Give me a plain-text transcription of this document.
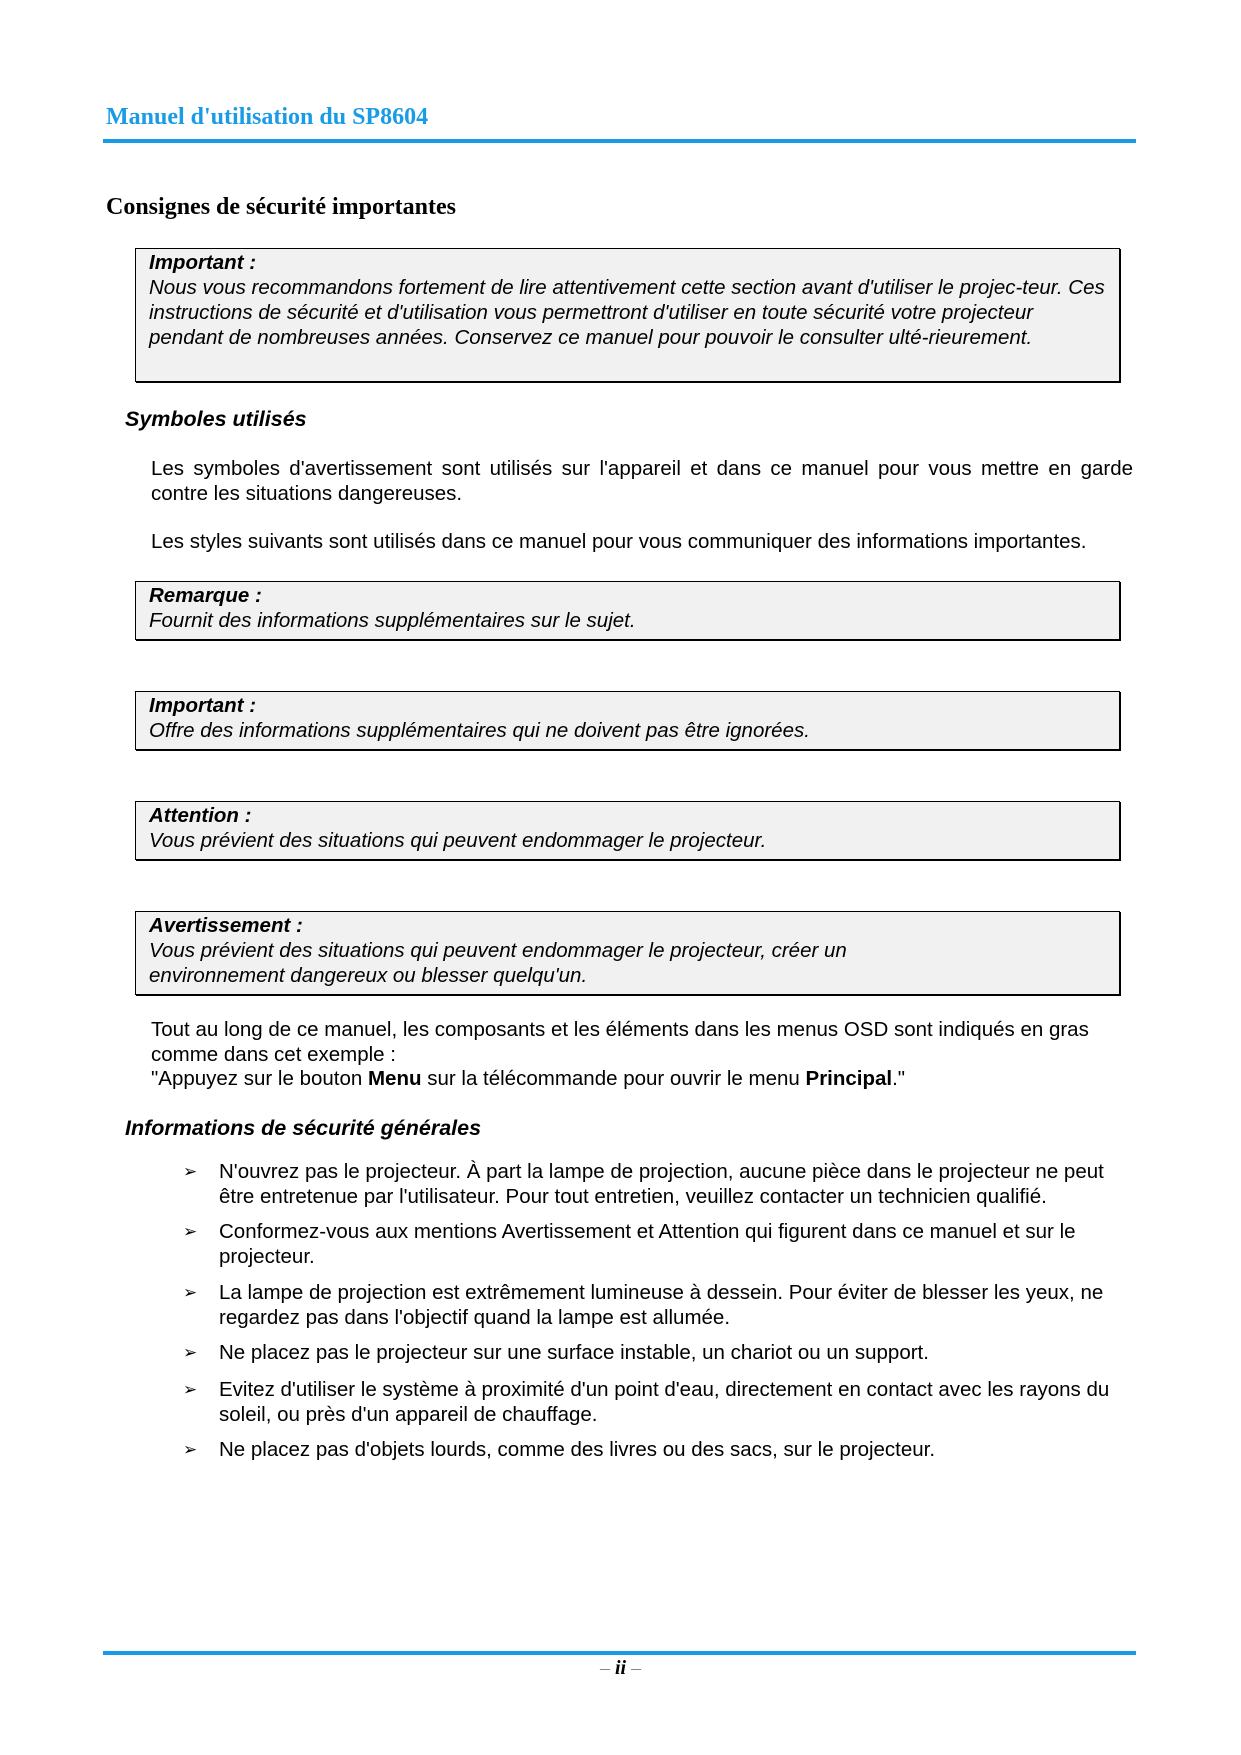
Manuel d'utilisation du SP8604
Consignes de sécurité importantes
Important :
Nous vous recommandons fortement de lire attentivement cette section avant d'utiliser le projec-teur. Ces instructions de sécurité et d'utilisation vous permettront d'utiliser en toute sécurité votre projecteur pendant de nombreuses années. Conservez ce manuel pour pouvoir le consulter ulté-rieurement.
Symboles utilisés
Les symboles d'avertissement sont utilisés sur l'appareil et dans ce manuel pour vous mettre en garde contre les situations dangereuses.
Les styles suivants sont utilisés dans ce manuel pour vous communiquer des informations importantes.
Remarque :
Fournit des informations supplémentaires sur le sujet.
Important :
Offre des informations supplémentaires qui ne doivent pas être ignorées.
Attention :
Vous prévient des situations qui peuvent endommager le projecteur.
Avertissement :
Vous prévient des situations qui peuvent endommager le projecteur, créer un environnement dangereux ou blesser quelqu'un.
Tout au long de ce manuel, les composants et les éléments dans les menus OSD sont indiqués en gras comme dans cet exemple :
"Appuyez sur le bouton Menu sur la télécommande pour ouvrir le menu Principal."
Informations de sécurité générales
➢	N'ouvrez pas le projecteur. À part la lampe de projection, aucune pièce dans le projecteur ne peut être entretenue par l'utilisateur. Pour tout entretien, veuillez contacter un technicien qualifié.
➢	Conformez-vous aux mentions Avertissement et Attention qui figurent dans ce manuel et sur le projecteur.
➢	La lampe de projection est extrêmement lumineuse à dessein. Pour éviter de blesser les yeux, ne regardez pas dans l'objectif quand la lampe est allumée.
➢	Ne placez pas le projecteur sur une surface instable, un chariot ou un support.
➢	Evitez d'utiliser le système à proximité d'un point d'eau, directement en contact avec les rayons du soleil, ou près d'un appareil de chauffage.
➢	Ne placez pas d'objets lourds, comme des livres ou des sacs, sur le projecteur.
– ii –
